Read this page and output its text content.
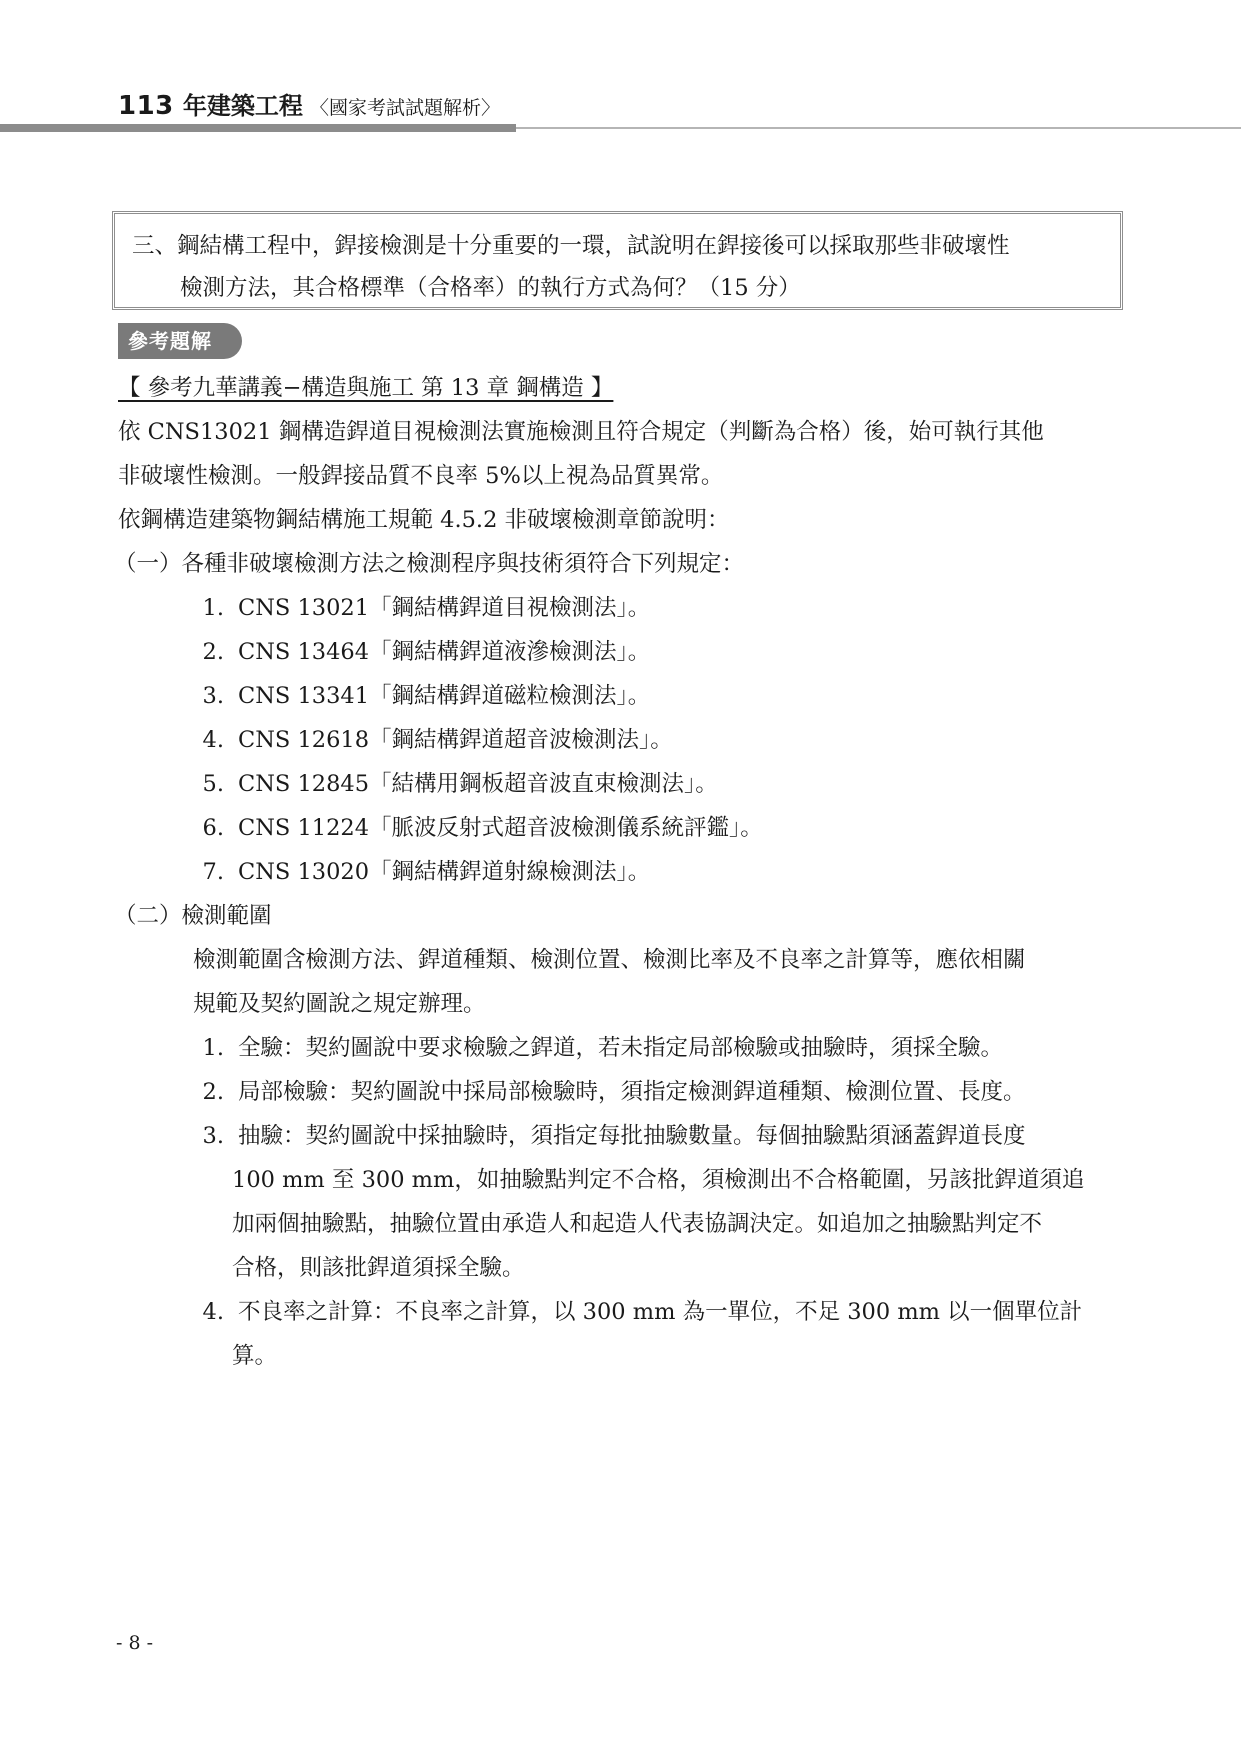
113 年建築工程 〈國家考試試題解析〉
三、鋼結構工程中，銲接檢測是十分重要的一環，試說明在銲接後可以採取那些非破壞性
檢測方法，其合格標準（合格率）的執行方式為何？（15 分）
參考題解
【 參考九華講義−構造與施工 第 13 章 鋼構造 】
依 CNS13021 鋼構造銲道目視檢測法實施檢測且符合規定（判斷為合格）後，始可執行其他
非破壞性檢測。一般銲接品質不良率 5%以上視為品質異常。
依鋼構造建築物鋼結構施工規範 4.5.2 非破壞檢測章節說明：
（一）各種非破壞檢測方法之檢測程序與技術須符合下列規定：
1. CNS 13021「鋼結構銲道目視檢測法」。
2. CNS 13464「鋼結構銲道液滲檢測法」。
3. CNS 13341「鋼結構銲道磁粒檢測法」。
4. CNS 12618「鋼結構銲道超音波檢測法」。
5. CNS 12845「結構用鋼板超音波直束檢測法」。
6. CNS 11224「脈波反射式超音波檢測儀系統評鑑」。
7. CNS 13020「鋼結構銲道射線檢測法」。
（二）檢測範圍
檢測範圍含檢測方法、銲道種類、檢測位置、檢測比率及不良率之計算等，應依相關
規範及契約圖說之規定辦理。
1. 全驗：契約圖說中要求檢驗之銲道，若未指定局部檢驗或抽驗時，須採全驗。
2. 局部檢驗：契約圖說中採局部檢驗時，須指定檢測銲道種類、檢測位置、長度。
3. 抽驗：契約圖說中採抽驗時，須指定每批抽驗數量。每個抽驗點須涵蓋銲道長度
100 mm 至 300 mm，如抽驗點判定不合格，須檢測出不合格範圍，另該批銲道須追
加兩個抽驗點，抽驗位置由承造人和起造人代表協調決定。如追加之抽驗點判定不
合格，則該批銲道須採全驗。
4. 不良率之計算：不良率之計算，以 300 mm 為一單位，不足 300 mm 以一個單位計
算。
- 8 -
